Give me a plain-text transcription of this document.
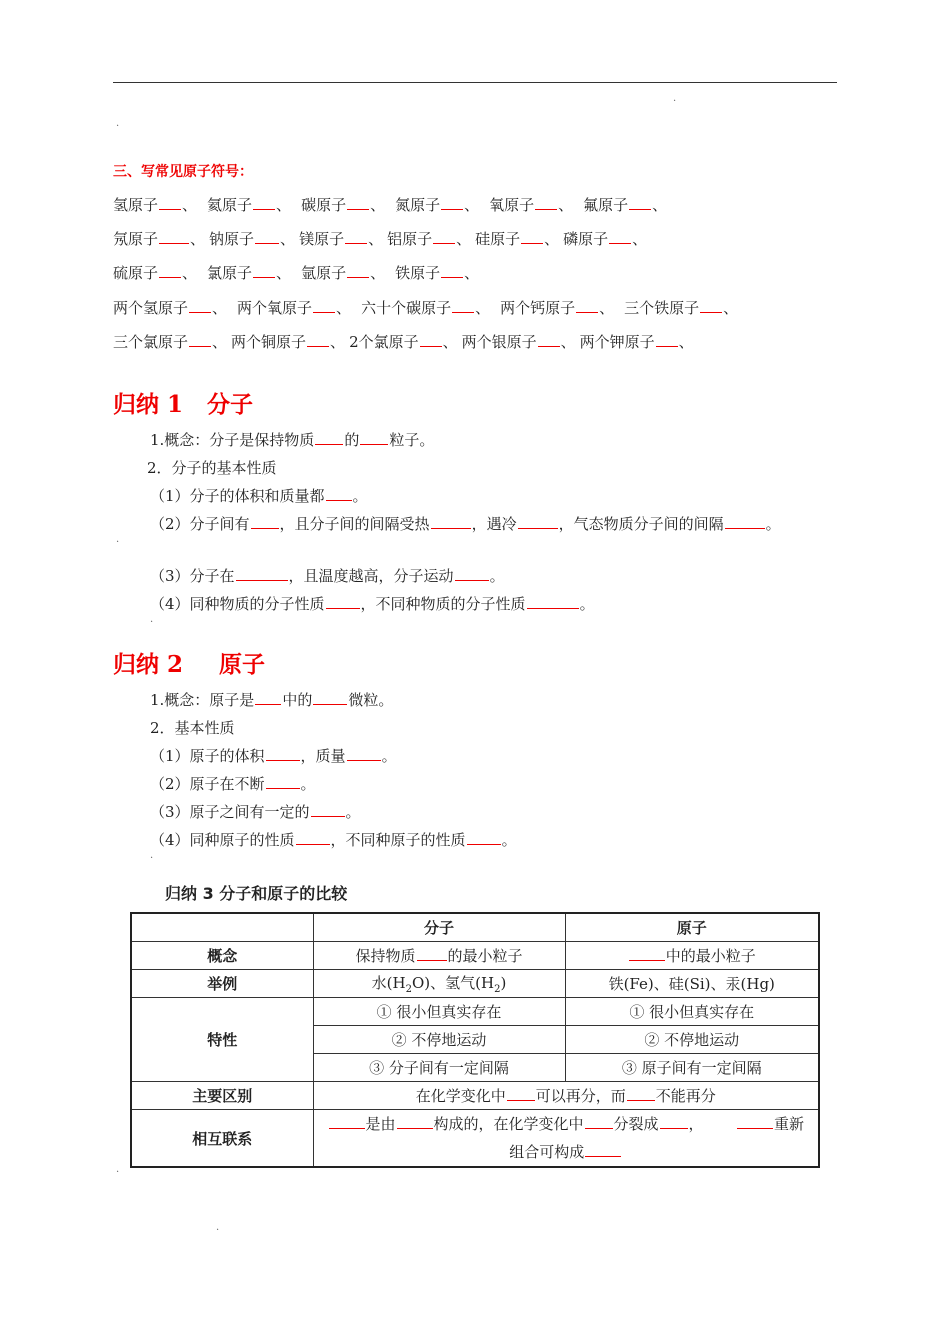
.
.
三、写常见原子符号：
氢原子 、 氦原子 、 碳原子 、 氮原子 、 氧原子 、 氟原子 、
氖原子 、 钠原子 、 镁原子 、 铝原子 、 硅原子 、 磷原子 、
硫原子 、 氯原子 、 氩原子 、 铁原子 、
两个氢原子 、 两个氧原子 、 六十个碳原子 、 两个钙原子 、 三个铁原子 、
三个氯原子 、 两个铜原子 、 2个氯原子 、 两个银原子 、 两个钾原子 、
归纳 1   分子
1.概念：分子是保持物质 的 粒子。
2．分子的基本性质
（1）分子的体积和质量都 。
（2）分子间有 ，且分子间的间隔受热	，遇冷	，气态物质分子间的间隔	。
.
（3）分子在	，且温度越高，分子运动 。
（4）同种物质的分子性质 ，不同种物质的分子性质	。
.
归纳 2 原子
1.概念：原子是 中的 微粒。
2．基本性质
（1）原子的体积 ，质量 。
（2）原子在不断 。
（3）原子之间有一定的 。
（4）同种原子的性质 ，不同种原子的性质 。
.
归纳 3 分子和原子的比较
	分子	原子
概念	保持物质 的最小粒子	中的最小粒子
举例	水$(H_2O)$、氢气$(H_2)$	铁(Fe)、硅(Si)、汞(Hg)
特性	① 很小但真实存在	① 很小但真实存在
	② 不停地运动	② 不停地运动
	③ 分子间有一定间隔	③ 原子间有一定间隔
主要区别	在化学变化中 可以再分，而 不能再分	
相互联系	是由 构成的，在化学变化中 分裂成 ， 重新
组合可构成	
.
.
